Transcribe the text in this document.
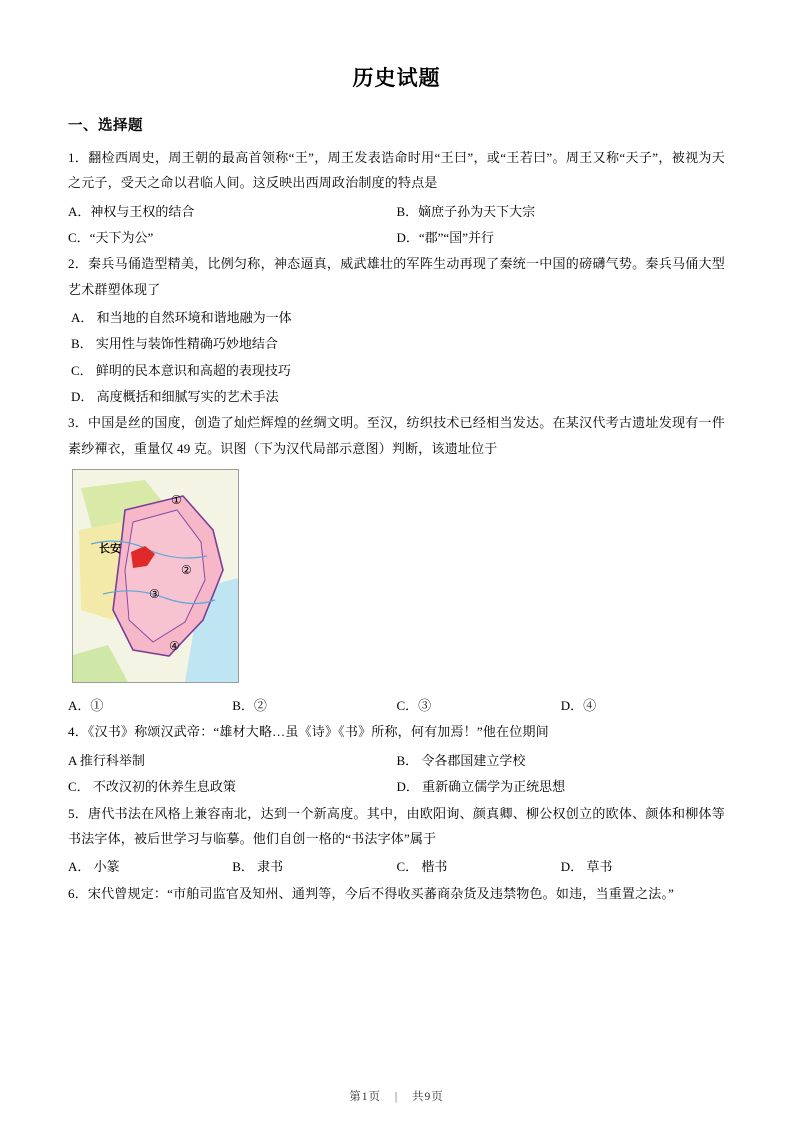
历史试题
一、选择题

1．翻检西周史，周王朝的最高首领称“王”，周王发表诰命时用“王曰”，或“王若曰”。周王又称“天子”，被视为天之元子，受天之命以君临人间。这反映出西周政治制度的特点是

A．神权与王权的结合	B．嫡庶子孙为天下大宗
C．“天下为公”	D．“郡”“国”并行

2．秦兵马俑造型精美，比例匀称，神态逼真，威武雄壮的军阵生动再现了秦统一中国的磅礴气势。秦兵马俑大型艺术群塑体现了

A． 和当地的自然环境和谐地融为一体
B． 实用性与装饰性精确巧妙地结合
C． 鲜明的民本意识和高超的表现技巧
D． 高度概括和细腻写实的艺术手法

3．中国是丝的国度，创造了灿烂辉煌的丝绸文明。至汉，纺织技术已经相当发达。在某汉代考古遗址发现有一件素纱襌衣，重量仅 49 克。识图（下为汉代局部示意图）判断，该遗址位于

长安
①
②
③
④
A．①	B．②	C．③	D．④

4．《汉书》称颂汉武帝：“雄材大略…虽《诗》《书》所称，何有加焉！”他在位期间

A 推行科举制	B． 令各郡国建立学校
C． 不改汉初的休养生息政策	D． 重新确立儒学为正统思想

5．唐代书法在风格上兼容南北，达到一个新高度。其中，由欧阳询、颜真卿、柳公权创立的欧体、颜体和柳体等书法字体，被后世学习与临摹。他们自创一格的“书法字体”属于

A． 小篆	B． 隶书	C． 楷书	D． 草书

6．宋代曾规定：“市舶司监官及知州、通判等，今后不得收买蕃商杂货及违禁物色。如违，当重置之法。”

第1页 | 共9页
